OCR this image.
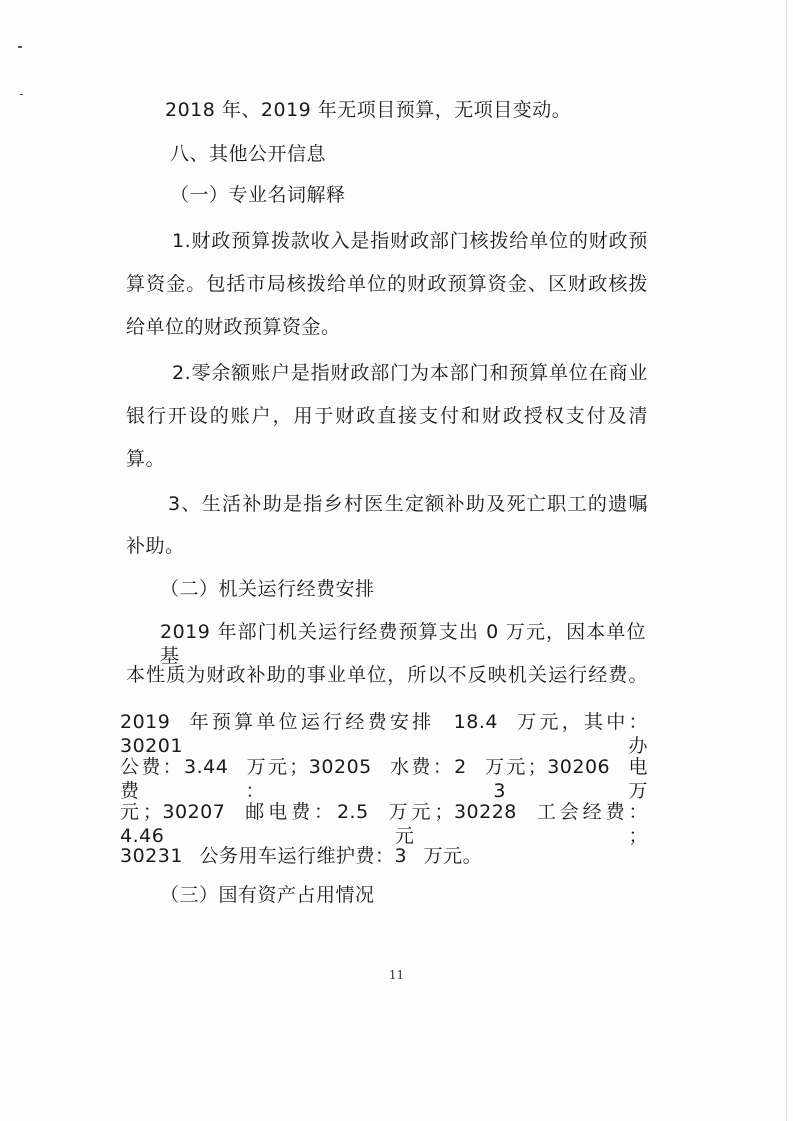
2018 年、2019 年无项目预算，无项目变动。
八、其他公开信息
（一）专业名词解释
1.财政预算拨款收入是指财政部门核拨给单位的财政预
算资金。包括市局核拨给单位的财政预算资金、区财政核拨
给单位的财政预算资金。
2.零余额账户是指财政部门为本部门和预算单位在商业
银行开设的账户，用于财政直接支付和财政授权支付及清
算。
3、生活补助是指乡村医生定额补助及死亡职工的遗嘱
补助。
（二）机关运行经费安排
2019 年部门机关运行经费预算支出 0 万元，因本单位基
本性质为财政补助的事业单位，所以不反映机关运行经费。
2019 年预算单位运行经费安排 18.4 万元，其中：30201 办
公费：3.44 万元；30205 水费：2 万元；30206 电费： 3 万
元；30207 邮电费：2.5 万元；30228 工会经费： 4.46 元；
30231 公务用车运行维护费：3 万元。
（三）国有资产占用情况
11
